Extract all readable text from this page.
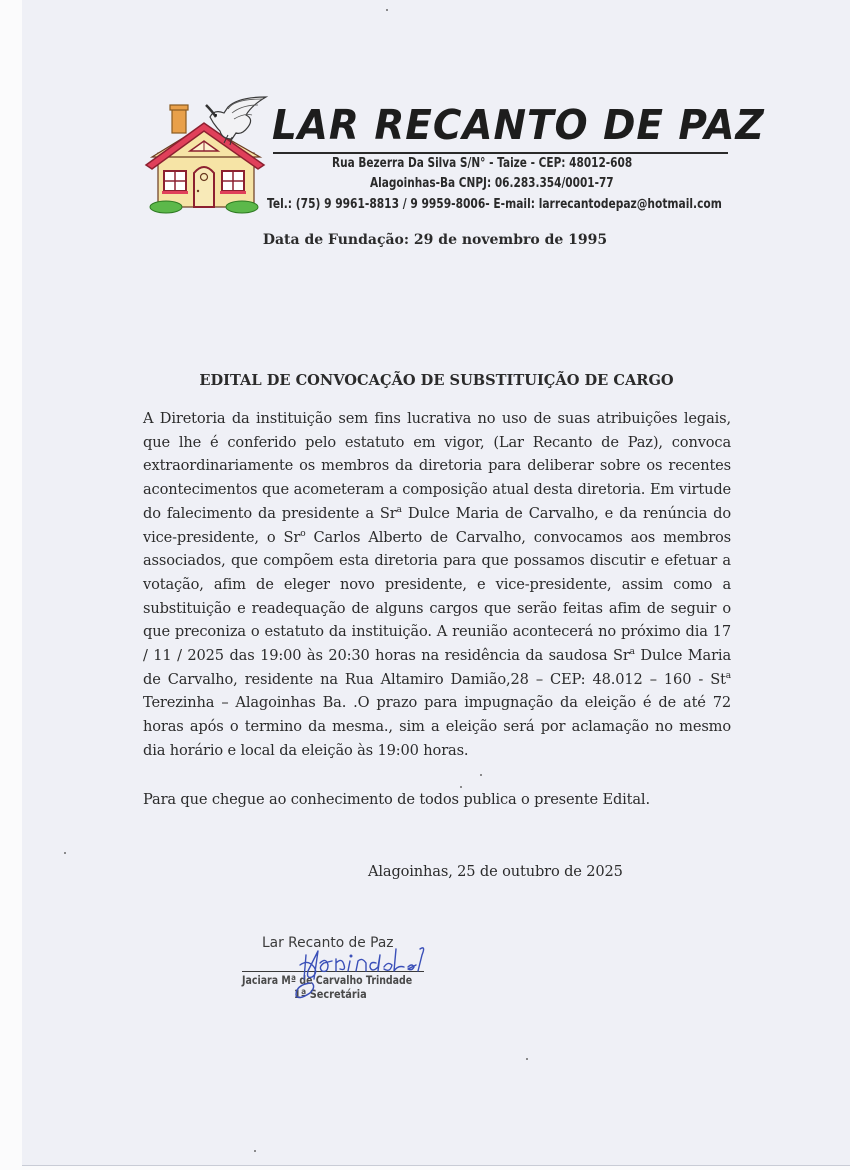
LAR RECANTO DE PAZ
Rua Bezerra Da Silva S/N° - Taize - CEP: 48012-608
Alagoinhas-Ba CNPJ: 06.283.354/0001-77
Tel.: (75) 9 9961-8813 / 9 9959-8006- E-mail: larrecantodepaz@hotmail.com
Data de Fundação: 29 de novembro de 1995
EDITAL DE CONVOCAÇÃO DE SUBSTITUIÇÃO DE CARGO

A Diretoria da instituição sem fins lucrativa no uso de suas atribuições legais, que lhe é conferido pelo estatuto em vigor, (Lar Recanto de Paz), convoca extraordinariamente os membros da diretoria para deliberar sobre os recentes acontecimentos que acometeram a composição atual desta diretoria. Em virtude do falecimento da presidente a Sr$^a$ Dulce Maria de Carvalho, e da renúncia do vice-presidente, o Sr$^o$ Carlos Alberto de Carvalho, convocamos aos membros associados, que compõem esta diretoria para que possamos discutir e efetuar a votação, afim de eleger novo presidente, e vice-presidente, assim como a substituição e readequação de alguns cargos que serão feitas afim de seguir o que preconiza o estatuto da instituição. A reunião acontecerá no próximo dia 17 / 11 / 2025 das 19:00 às 20:30 horas na residência da saudosa Sr$^a$ Dulce Maria de Carvalho, residente na Rua Altamiro Damião,28 – CEP: 48.012 – 160 - St$^a$ Terezinha – Alagoinhas Ba. .O prazo para impugnação da eleição é de até 72 horas após o termino da mesma., sim a eleição será por aclamação no mesmo dia horário e local da eleição às 19:00 horas.

Para que chegue ao conhecimento de todos publica o presente Edital.

Alagoinhas, 25 de outubro de 2025
Lar Recanto de Paz
Jaciara Mª de Carvalho Trindade
1ª Secretária
